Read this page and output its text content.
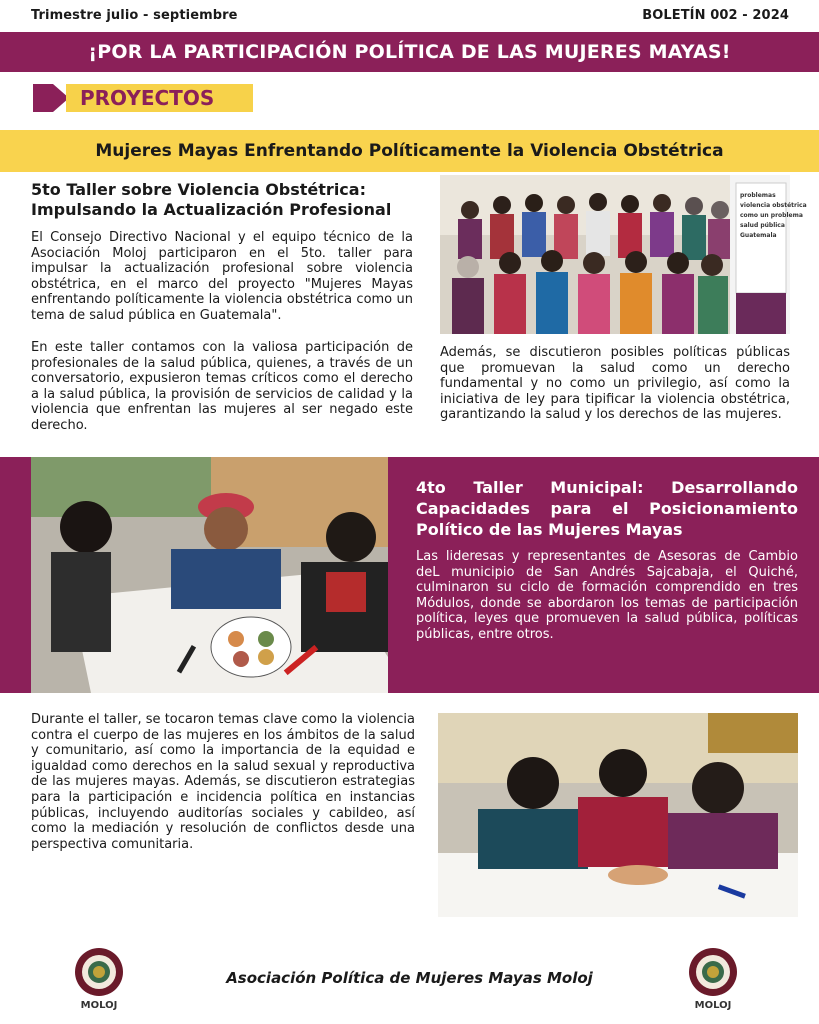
Trimestre julio - septiembre	BOLETÍN 002 - 2024
¡POR LA PARTICIPACIÓN POLÍTICA DE LAS MUJERES MAYAS!
PROYECTOS
Mujeres Mayas Enfrentando Políticamente la Violencia Obstétrica
5to Taller sobre Violencia Obstétrica:
Impulsando la Actualización Profesional
El Consejo Directivo Nacional y el equipo técnico de la Asociación Moloj participaron en el 5to. taller para impulsar la actualización profesional sobre violencia obstétrica, en el marco del proyecto "Mujeres Mayas enfrentando políticamente la violencia obstétrica como un tema de salud pública en Guatemala".
En este taller contamos con la valiosa participación de profesionales de la salud pública, quienes, a través de un conversatorio, expusieron temas críticos como el derecho a la salud pública, la provisión de servicios de calidad y la violencia que enfrentan las mujeres al ser negado este derecho.
problemas
violencia obstétrica
como un problema
salud pública
Guatemala
Además, se discutieron posibles políticas públicas que promuevan la salud como un derecho fundamental y no como un privilegio, así como la iniciativa de ley para tipificar la violencia obstétrica, garantizando la salud y los derechos de las mujeres.
4to Taller Municipal: Desarrollando Capacidades para el Posicionamiento Político de las Mujeres Mayas
Las lideresas y representantes de Asesoras de Cambio deL municipio de San Andrés Sajcabaja, el Quiché, culminaron su ciclo de formación comprendido en tres Módulos, donde se abordaron los temas de participación política, leyes que promueven la salud pública, políticas públicas, entre otros.
Durante el taller, se tocaron temas clave como la violencia contra el cuerpo de las mujeres en los ámbitos de la salud y comunitario, así como la importancia de la equidad e igualdad como derechos en la salud sexual y reproductiva de las mujeres mayas. Además, se discutieron estrategias para la participación e incidencia política en instancias públicas, incluyendo auditorías sociales y cabildeo, así como la mediación y resolución de conflictos desde una perspectiva comunitaria.
MOLOJ
Asociación Política de Mujeres Mayas Moloj
MOLOJ
